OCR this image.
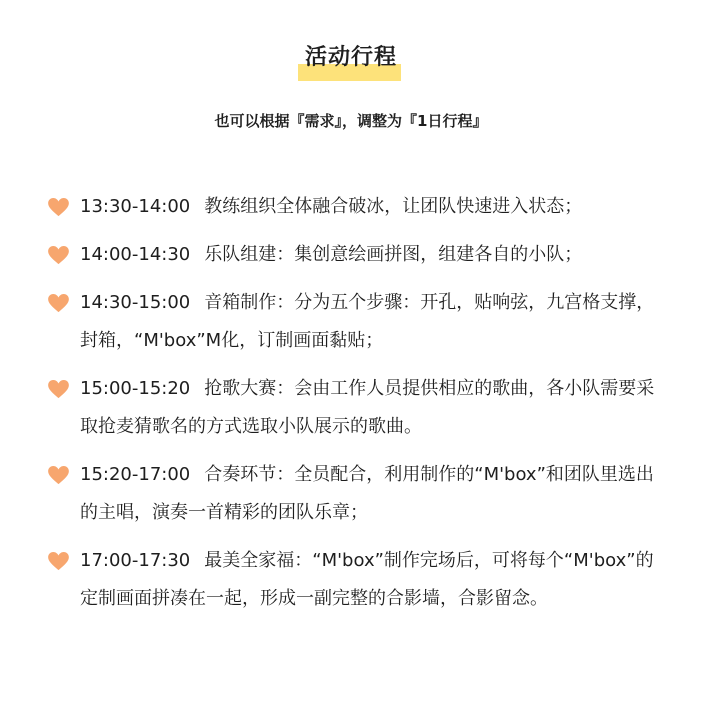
活动行程
也可以根据『需求』，调整为『1日行程』
13:30-14:00 教练组织全体融合破冰，让团队快速进入状态；
14:00-14:30 乐队组建：集创意绘画拼图，组建各自的小队；
14:30-15:00 音箱制作：分为五个步骤：开孔，贴响弦，九宫格支撑，封箱，“M'box”M化，订制画面黏贴；
15:00-15:20 抢歌大赛：会由工作人员提供相应的歌曲，各小队需要采取抢麦猜歌名的方式选取小队展示的歌曲。
15:20-17:00 合奏环节：全员配合，利用制作的“M'box”和团队里选出的主唱，演奏一首精彩的团队乐章；
17:00-17:30 最美全家福：“M'box”制作完场后，可将每个“M'box”的定制画面拼凑在一起，形成一副完整的合影墙，合影留念。
